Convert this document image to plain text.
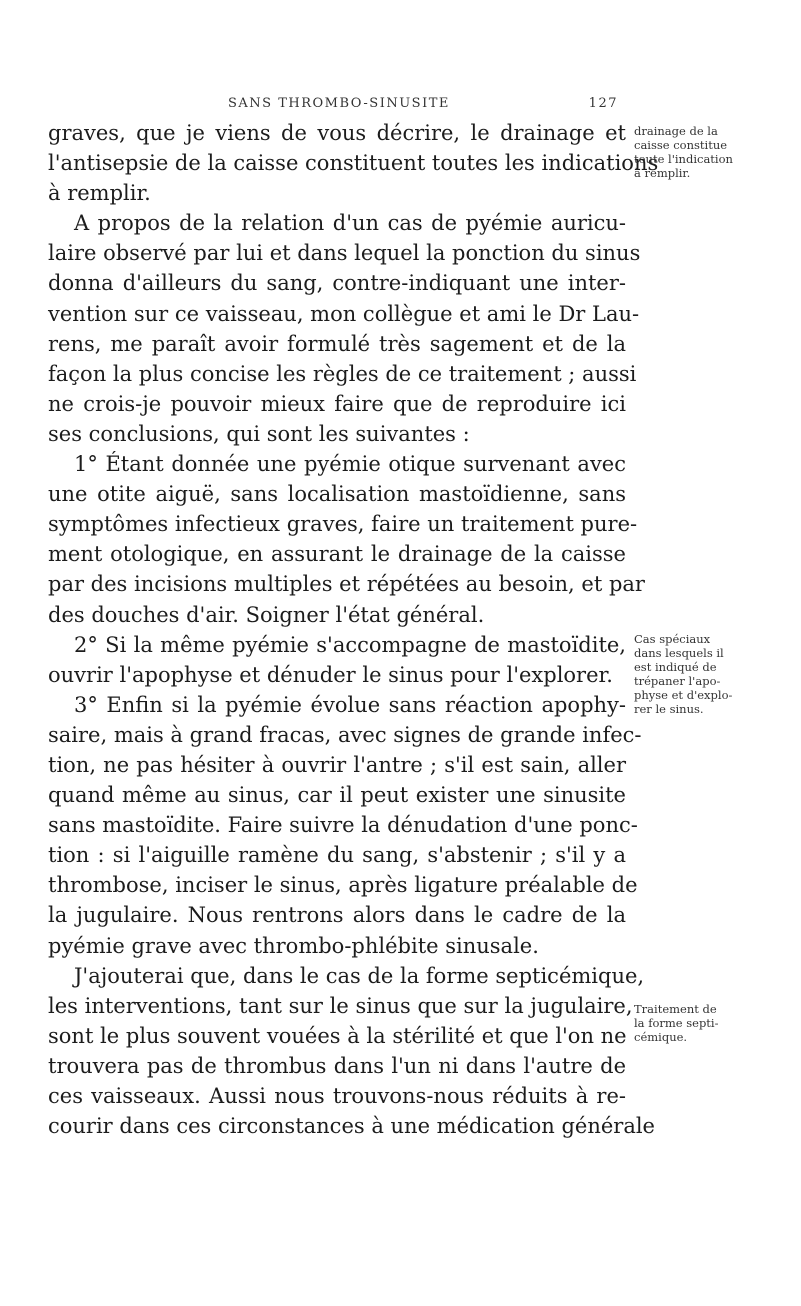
SANS THROMBO-SINUSITE	127
graves, que je viens de vous décrire, le drainage et
l'antisepsie de la caisse constituent toutes les indications
à remplir.
A propos de la relation d'un cas de pyémie auricu-
laire observé par lui et dans lequel la ponction du sinus
donna d'ailleurs du sang, contre-indiquant une inter-
vention sur ce vaisseau, mon collègue et ami le Dr Lau-
rens, me paraît avoir formulé très sagement et de la
façon la plus concise les règles de ce traitement ; aussi
ne crois-je pouvoir mieux faire que de reproduire ici
ses conclusions, qui sont les suivantes :
1° Étant donnée une pyémie otique survenant avec
une otite aiguë, sans localisation mastoïdienne, sans
symptômes infectieux graves, faire un traitement pure-
ment otologique, en assurant le drainage de la caisse
par des incisions multiples et répétées au besoin, et par
des douches d'air. Soigner l'état général.
2° Si la même pyémie s'accompagne de mastoïdite,
ouvrir l'apophyse et dénuder le sinus pour l'explorer.
3° Enfin si la pyémie évolue sans réaction apophy-
saire, mais à grand fracas, avec signes de grande infec-
tion, ne pas hésiter à ouvrir l'antre ; s'il est sain, aller
quand même au sinus, car il peut exister une sinusite
sans mastoïdite. Faire suivre la dénudation d'une ponc-
tion : si l'aiguille ramène du sang, s'abstenir ; s'il y a
thrombose, inciser le sinus, après ligature préalable de
la jugulaire. Nous rentrons alors dans le cadre de la
pyémie grave avec thrombo-phlébite sinusale.
J'ajouterai que, dans le cas de la forme septicémique,
les interventions, tant sur le sinus que sur la jugulaire,
sont le plus souvent vouées à la stérilité et que l'on ne
trouvera pas de thrombus dans l'un ni dans l'autre de
ces vaisseaux. Aussi nous trouvons-nous réduits à re-
courir dans ces circonstances à une médication générale
drainage de la
caisse constitue
toute l'indication
à remplir.
Cas spéciaux
dans lesquels il
est indiqué de
trépaner l'apo-
physe et d'explo-
rer le sinus.
Traitement de
la forme septi-
cémique.
